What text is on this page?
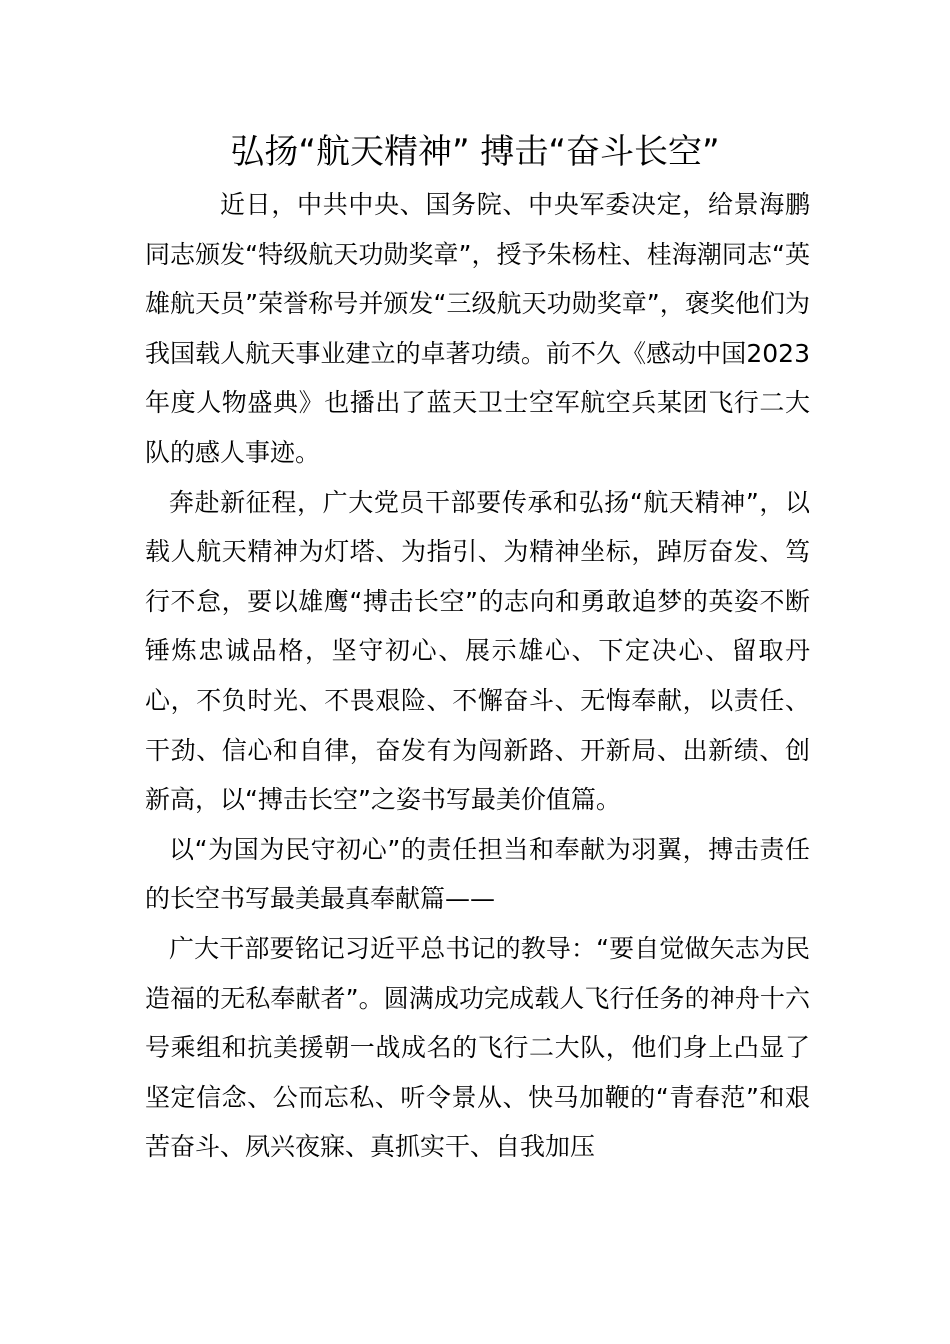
弘扬“航天精神” 搏击“奋斗长空”

近日，中共中央、国务院、中央军委决定，给景海鹏同志颁发“特级航天功勋奖章”，授予朱杨柱、桂海潮同志“英雄航天员”荣誉称号并颁发“三级航天功勋奖章”，褒奖他们为我国载人航天事业建立的卓著功绩。前不久《感动中国2023年度人物盛典》也播出了蓝天卫士空军航空兵某团飞行二大队的感人事迹。

奔赴新征程，广大党员干部要传承和弘扬“航天精神”，以载人航天精神为灯塔、为指引、为精神坐标，踔厉奋发、笃行不怠，要以雄鹰“搏击长空”的志向和勇敢追梦的英姿不断锤炼忠诚品格，坚守初心、展示雄心、下定决心、留取丹心，不负时光、不畏艰险、不懈奋斗、无悔奉献，以责任、干劲、信心和自律，奋发有为闯新路、开新局、出新绩、创新高，以“搏击长空”之姿书写最美价值篇。

以“为国为民守初心”的责任担当和奉献为羽翼，搏击责任的长空书写最美最真奉献篇——

广大干部要铭记习近平总书记的教导：“要自觉做矢志为民造福的无私奉献者”。圆满成功完成载人飞行任务的神舟十六号乘组和抗美援朝一战成名的飞行二大队，他们身上凸显了坚定信念、公而忘私、听令景从、快马加鞭的“青春范”和艰苦奋斗、夙兴夜寐、真抓实干、自我加压
